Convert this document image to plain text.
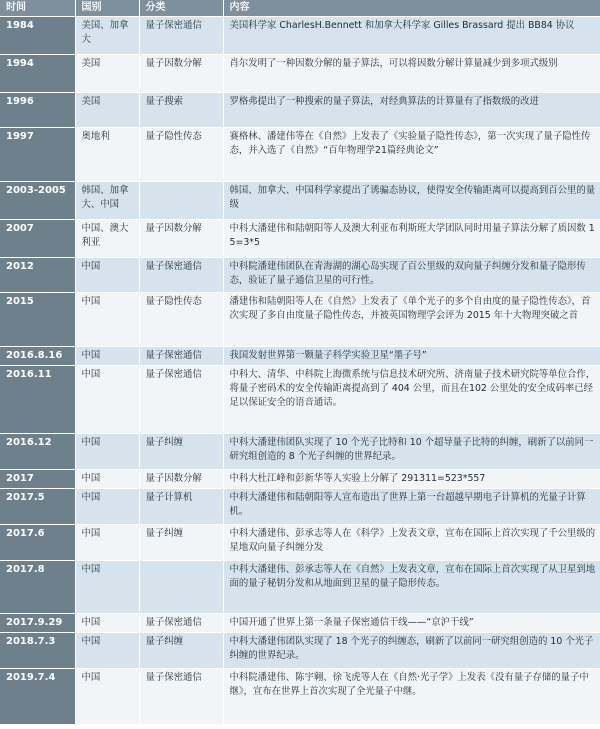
时间	国别	分类	内容
1984	美国、加拿大	量子保密通信	美国科学家 CharlesH.Bennett 和加拿大科学家 Gilles Brassard 提出 BB84 协议
1994	美国	量子因数分解	肖尔发明了一种因数分解的量子算法，可以将因数分解计算量减少到多项式级别
1996	美国	量子搜索	罗格弗提出了一种搜索的量子算法，对经典算法的计算量有了指数级的改进
1997	奥地利	量子隐性传态	赛格林、潘建伟等在《自然》上发表了《实验量子隐性传态》，第一次实现了量子隐性传态，并入选了《自然》“百年物理学21篇经典论文”
2003-2005	韩国、加拿大、中国		韩国、加拿大、中国科学家提出了诱骗态协议，使得安全传输距离可以提高到百公里的量级
2007	中国、澳大利亚	量子因数分解	中科大潘建伟和陆朝阳等人及澳大利亚布利斯班大学团队同时用量子算法分解了质因数 15=3*5
2012	中国	量子保密通信	中科院潘建伟团队在青海湖的湖心岛实现了百公里级的双向量子纠缠分发和量子隐形传态，验证了量子通信卫星的可行性。
2015	中国	量子隐性传态	潘建伟和陆朝阳等人在《自然》上发表了《单个光子的多个自由度的量子隐性传态》，首次实现了多自由度量子隐性传态，并被英国物理学会评为 2015 年十大物理突破之首
2016.8.16	中国	量子保密通信	我国发射世界第一颗量子科学实验卫星“墨子号”
2016.11	中国	量子保密通信	中科大、清华、中科院上海微系统与信息技术研究所、济南量子技术研究院等单位合作，将量子密码术的安全传输距离提高到了 404 公里，而且在102 公里处的安全成码率已经足以保证安全的语音通话。
2016.12	中国	量子纠缠	中科大潘建伟团队实现了 10 个光子比特和 10 个超导量子比特的纠缠，刷新了以前同一研究组创造的 8 个光子纠缠的世界纪录。
2017	中国	量子因数分解	中科大杜江峰和彭新华等人实验上分解了 291311=523*557
2017.5	中国	量子计算机	中科大潘建伟和陆朝阳等人宣布造出了世界上第一台超越早期电子计算机的光量子计算机。
2017.6	中国	量子纠缠	中科大潘建伟、彭承志等人在《科学》上发表文章，宣布在国际上首次实现了千公里级的星地双向量子纠缠分发
2017.8	中国		中科大潘建伟、彭承志等人在《自然》上发表文章，宣布在国际上首次实现了从卫星到地面的量子秘钥分发和从地面到卫星的量子隐形传态。
2017.9.29	中国	量子保密通信	中国开通了世界上第一条量子保密通信干线——“京沪干线”
2018.7.3	中国	量子纠缠	中科大潘建伟团队实现了 18 个光子的纠缠态，刷新了以前同一研究组创造的 10 个光子纠缠的世界纪录。
2019.7.4	中国	量子保密通信	中科院潘建伟、陈宇翱、徐飞虎等人在《自然·光子学》上发表《没有量子存储的量子中继》，宣布在世界上首次实现了全光量子中继。
